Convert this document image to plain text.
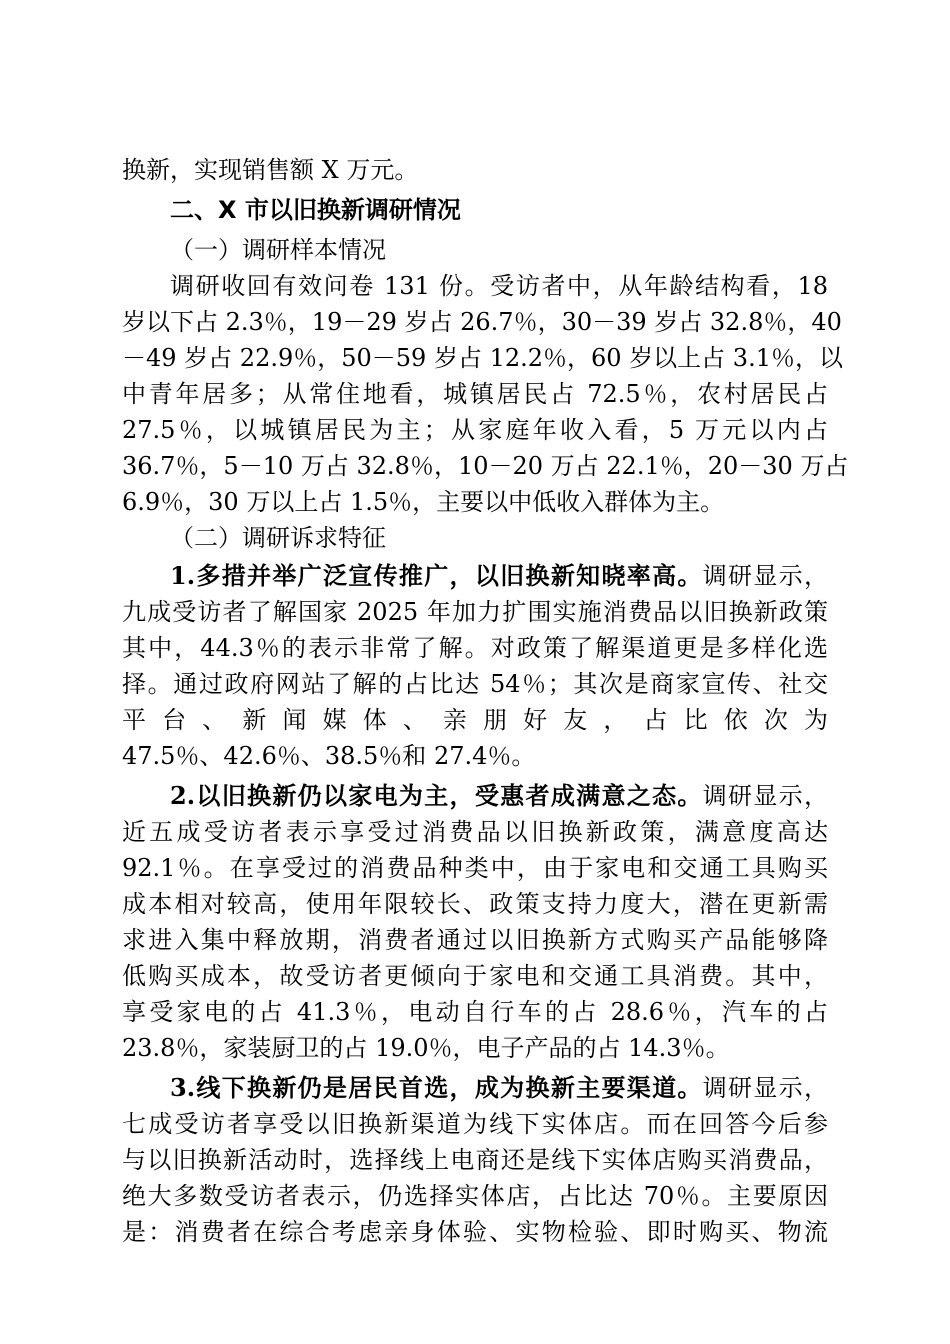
换新，实现销售额 X 万元。
二、X 市以旧换新调研情况
（一）调研样本情况
调研收回有效问卷 131 份。受访者中，从年龄结构看，18
岁以下占 2.3％，19－29 岁占 26.7％，30－39 岁占 32.8％，40
－49 岁占 22.9％，50－59 岁占 12.2％，60 岁以上占 3.1％，以
中青年居多；从常住地看，城镇居民占 72.5％，农村居民占
27.5％，以城镇居民为主；从家庭年收入看，5 万元以内占
36.7％，5－10 万占 32.8％，10－20 万占 22.1％，20－30 万占
6.9％，30 万以上占 1.5％，主要以中低收入群体为主。
（二）调研诉求特征
1.多措并举广泛宣传推广，以旧换新知晓率高。调研显示，
九成受访者了解国家 2025 年加力扩围实施消费品以旧换新政策
其中，44.3％的表示非常了解。对政策了解渠道更是多样化选
择。通过政府网站了解的占比达 54％；其次是商家宣传、社交
平 台 、 新 闻 媒 体 、 亲 朋 好 友 ， 占 比 依 次 为
47.5％、42.6％、38.5％和 27.4％。
2.以旧换新仍以家电为主，受惠者成满意之态。调研显示，
近五成受访者表示享受过消费品以旧换新政策，满意度高达
92.1％。在享受过的消费品种类中，由于家电和交通工具购买
成本相对较高，使用年限较长、政策支持力度大，潜在更新需
求进入集中释放期，消费者通过以旧换新方式购买产品能够降
低购买成本，故受访者更倾向于家电和交通工具消费。其中，
享受家电的占 41.3％，电动自行车的占 28.6％，汽车的占
23.8％，家装厨卫的占 19.0％，电子产品的占 14.3％。
3.线下换新仍是居民首选，成为换新主要渠道。调研显示，
七成受访者享受以旧换新渠道为线下实体店。而在回答今后参
与以旧换新活动时，选择线上电商还是线下实体店购买消费品，
绝大多数受访者表示，仍选择实体店，占比达 70％。主要原因
是：消费者在综合考虑亲身体验、实物检验、即时购买、物流
